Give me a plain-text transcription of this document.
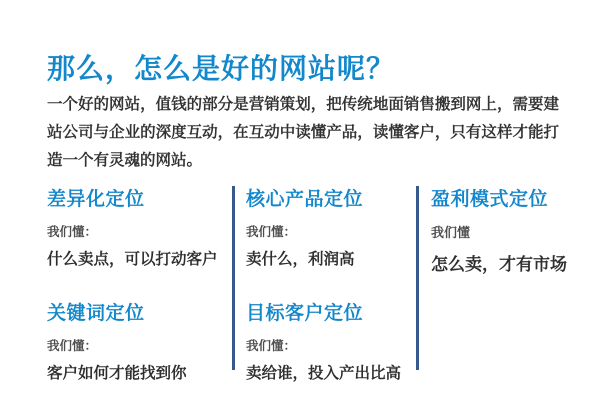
那么，怎么是好的网站呢？

一个好的网站，值钱的部分是营销策划，把传统地面销售搬到网上，需要建站公司与企业的深度互动，在互动中读懂产品，读懂客户，只有这样才能打造一个有灵魂的网站。

差异化定位

我们懂：

什么卖点，可以打动客户

关键词定位

我们懂：

客户如何才能找到你

核心产品定位

我们懂：

卖什么，利润高

目标客户定位

我们懂：

卖给谁，投入产出比高

盈利模式定位

我们懂

怎么卖，才有市场
